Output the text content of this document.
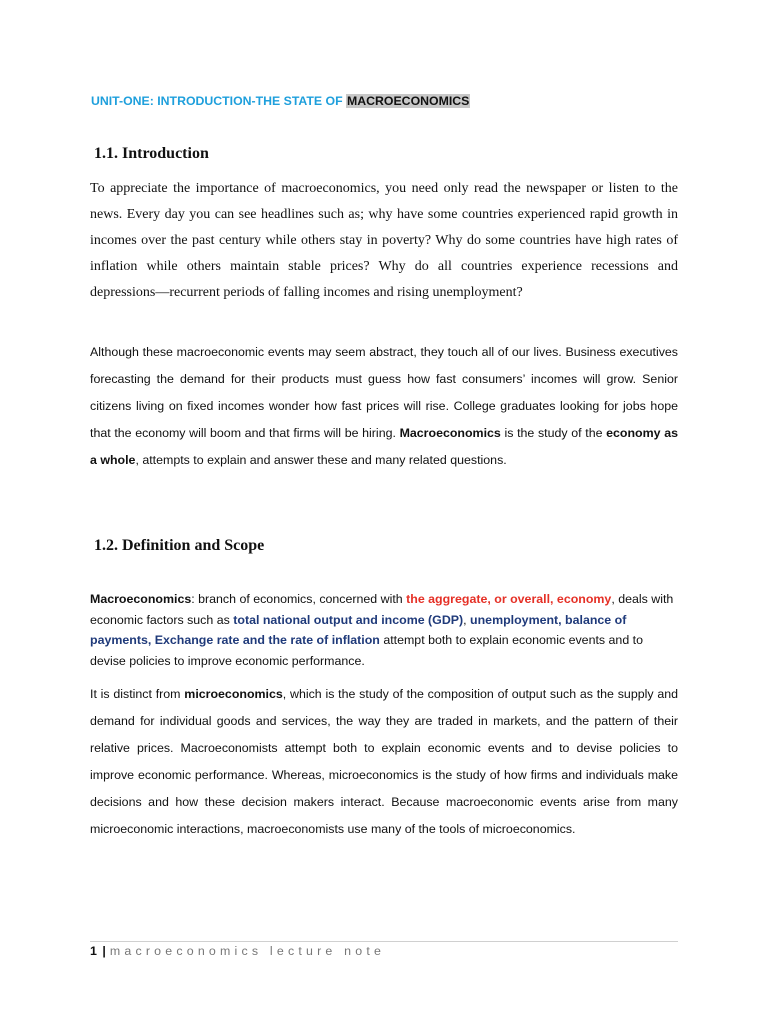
UNIT-ONE: INTRODUCTION-THE STATE OF MACROECONOMICS
1.1. Introduction

To appreciate the importance of macroeconomics, you need only read the newspaper or listen to the news. Every day you can see headlines such as; why have some countries experienced rapid growth in incomes over the past century while others stay in poverty? Why do some countries have high rates of inflation while others maintain stable prices? Why do all countries experience recessions and depressions—recurrent periods of falling incomes and rising unemployment?

Although these macroeconomic events may seem abstract, they touch all of our lives. Business executives forecasting the demand for their products must guess how fast consumers’ incomes will grow. Senior citizens living on fixed incomes wonder how fast prices will rise. College graduates looking for jobs hope that the economy will boom and that firms will be hiring. Macroeconomics is the study of the economy as a whole, attempts to explain and answer these and many related questions.

1.2. Definition and Scope

Macroeconomics: branch of economics, concerned with the aggregate, or overall, economy, deals with economic factors such as total national output and income (GDP), unemployment, balance of payments, Exchange rate and the rate of inflation attempt both to explain economic events and to devise policies to improve economic performance.

It is distinct from microeconomics, which is the study of the composition of output such as the supply and demand for individual goods and services, the way they are traded in markets, and the pattern of their relative prices. Macroeconomists attempt both to explain economic events and to devise policies to improve economic performance. Whereas, microeconomics is the study of how firms and individuals make decisions and how these decision makers interact. Because macroeconomic events arise from many microeconomic interactions, macroeconomists use many of the tools of microeconomics.

1 | macroeconomics lecture note
